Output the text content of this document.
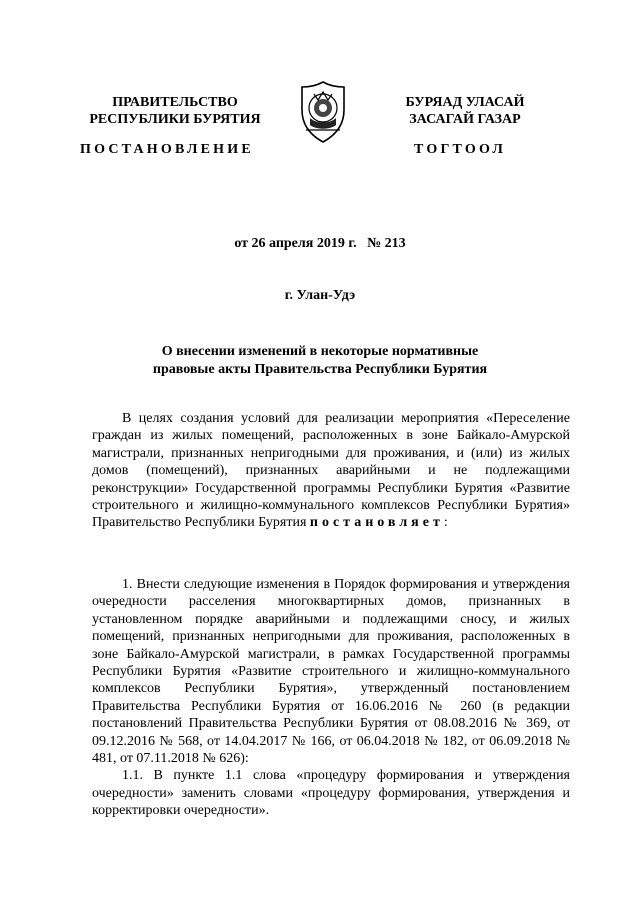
ПРАВИТЕЛЬСТВО
РЕСПУБЛИКИ БУРЯТИЯ
БУРЯАД УЛАСАЙ
ЗАСАГАЙ ГАЗАР
ПОСТАНОВЛЕНИЕ	ТОГТООЛ
от 26 апреля 2019 г.   № 213
г. Улан-Удэ
О внесении изменений в некоторые нормативные
правовые акты Правительства Республики Бурятия

В целях создания условий для реализации мероприятия «Переселение граждан из жилых помещений, расположенных в зоне Байкало-Амурской магистрали, признанных непригодными для проживания, и (или) из жилых домов (помещений), признанных аварийными и не подлежащими реконструкции» Государственной программы Республики Бурятия «Развитие строительного и жилищно-коммунального комплексов Республики Бурятия» Правительство Республики Бурятия постановляет:

1. Внести следующие изменения в Порядок формирования и утверждения очередности расселения многоквартирных домов, признанных в установленном порядке аварийными и подлежащими сносу, и жилых помещений, признанных непригодными для проживания, расположенных в зоне Байкало-Амурской магистрали, в рамках Государственной программы Республики Бурятия «Развитие строительного и жилищно-коммунального комплексов Республики Бурятия», утвержденный постановлением Правительства Республики Бурятия от 16.06.2016 № 260 (в редакции постановлений Правительства Республики Бурятия от 08.08.2016 № 369, от 09.12.2016 № 568, от 14.04.2017 № 166, от 06.04.2018 № 182, от 06.09.2018 № 481, от 07.11.2018 № 626):

1.1. В пункте 1.1 слова «процедуру формирования и утверждения очередности» заменить словами «процедуру формирования, утверждения и корректировки очередности».
